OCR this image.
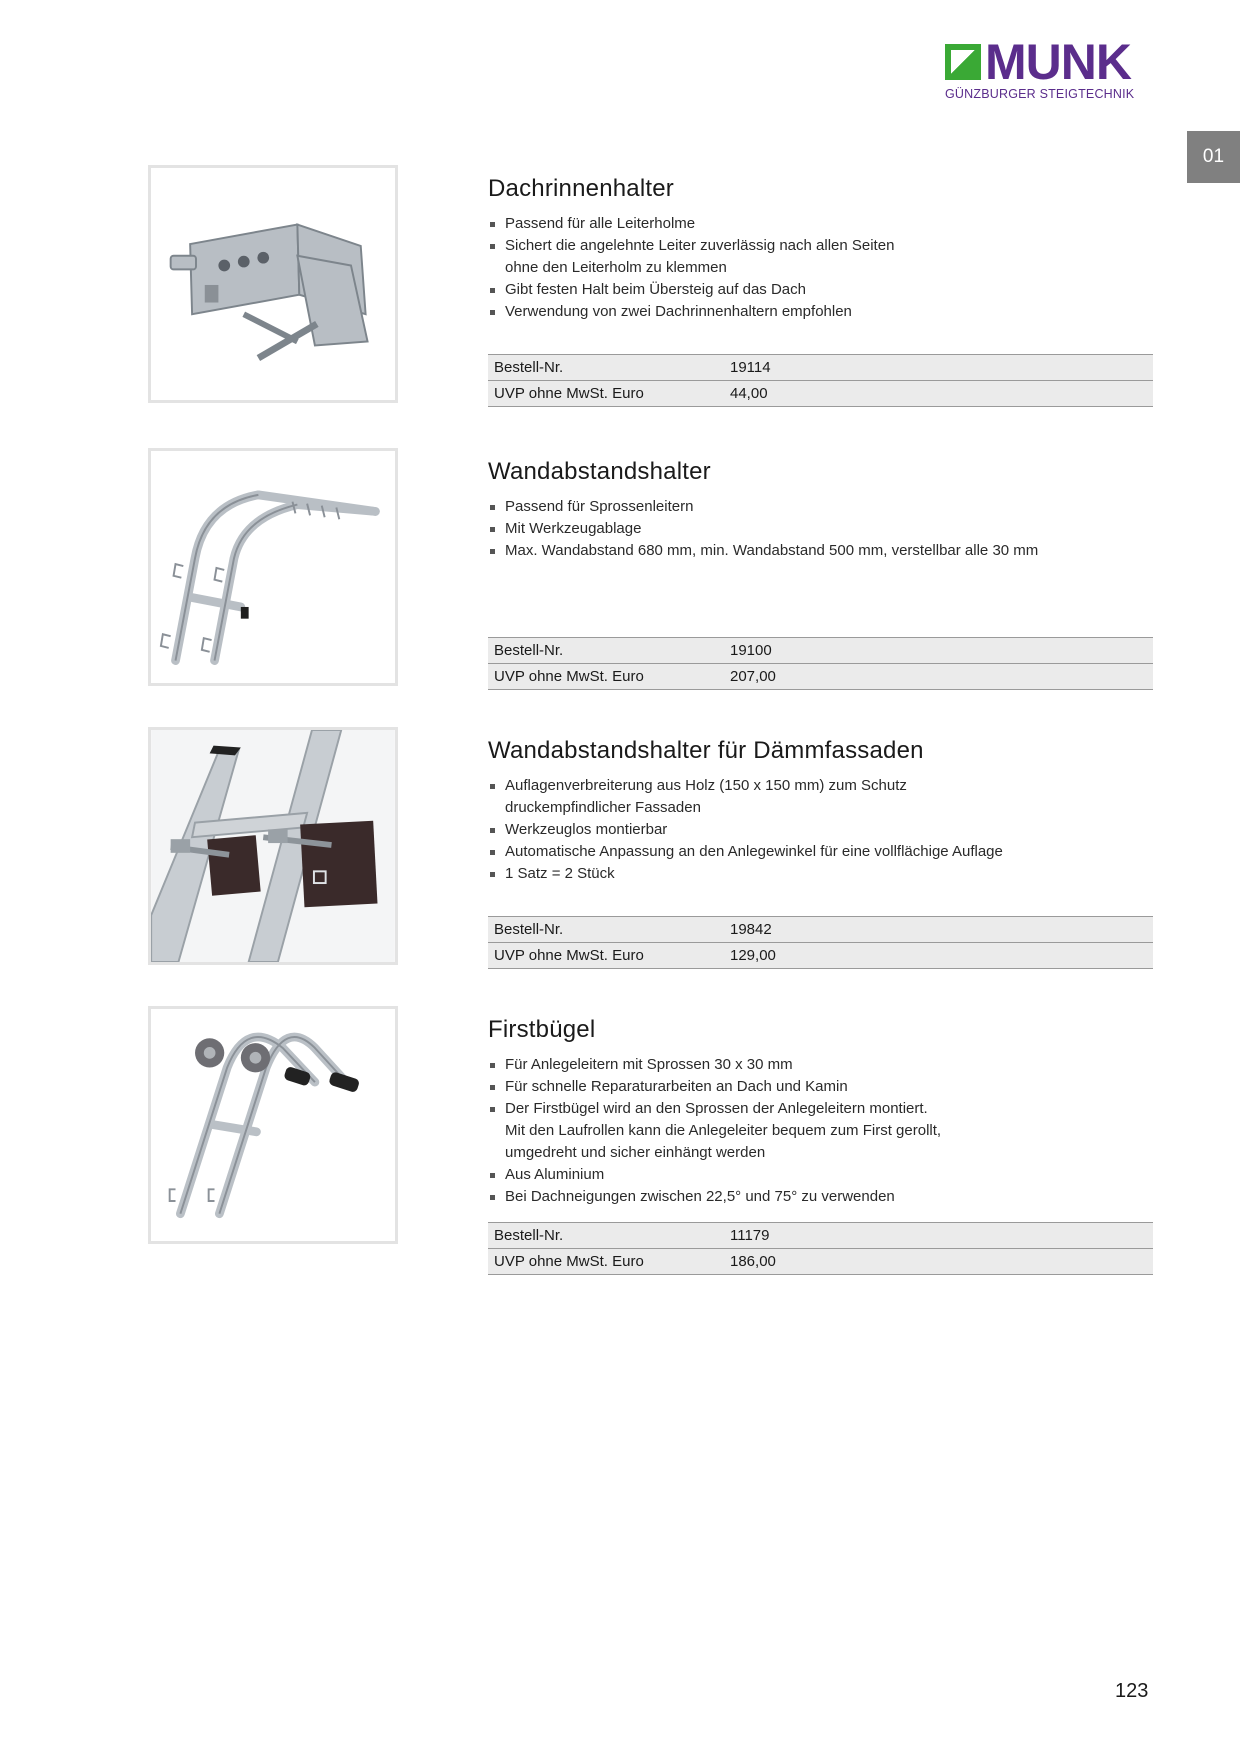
MUNK
GÜNZBURGER STEIGTECHNIK
01
Dachrinnenhalter
Passend für alle Leiterholme
Sichert die angelehnte Leiter zuverlässig nach allen Seiten
ohne den Leiterholm zu klemmen
Gibt festen Halt beim Übersteig auf das Dach
Verwendung von zwei Dachrinnenhaltern empfohlen
Bestell-Nr.	19114
UVP ohne MwSt. Euro	44,00
Wandabstandshalter
Passend für Sprossenleitern
Mit Werkzeugablage
Max. Wandabstand 680 mm, min. Wandabstand 500 mm, verstellbar alle 30 mm
Bestell-Nr.	19100
UVP ohne MwSt. Euro	207,00
Wandabstandshalter für Dämmfassaden
Auflagenverbreiterung aus Holz (150 x 150 mm) zum Schutz
druckempfindlicher Fassaden
Werkzeuglos montierbar
Automatische Anpassung an den Anlegewinkel für eine vollflächige Auflage
1 Satz = 2 Stück
Bestell-Nr.	19842
UVP ohne MwSt. Euro	129,00
Firstbügel
Für Anlegeleitern mit Sprossen 30 x 30 mm
Für schnelle Reparaturarbeiten an Dach und Kamin
Der Firstbügel wird an den Sprossen der Anlegeleitern montiert.
Mit den Laufrollen kann die Anlegeleiter bequem zum First gerollt,
umgedreht und sicher einhängt werden
Aus Aluminium
Bei Dachneigungen zwischen 22,5° und 75° zu verwenden
Bestell-Nr.	11179
UVP ohne MwSt. Euro	186,00
123
